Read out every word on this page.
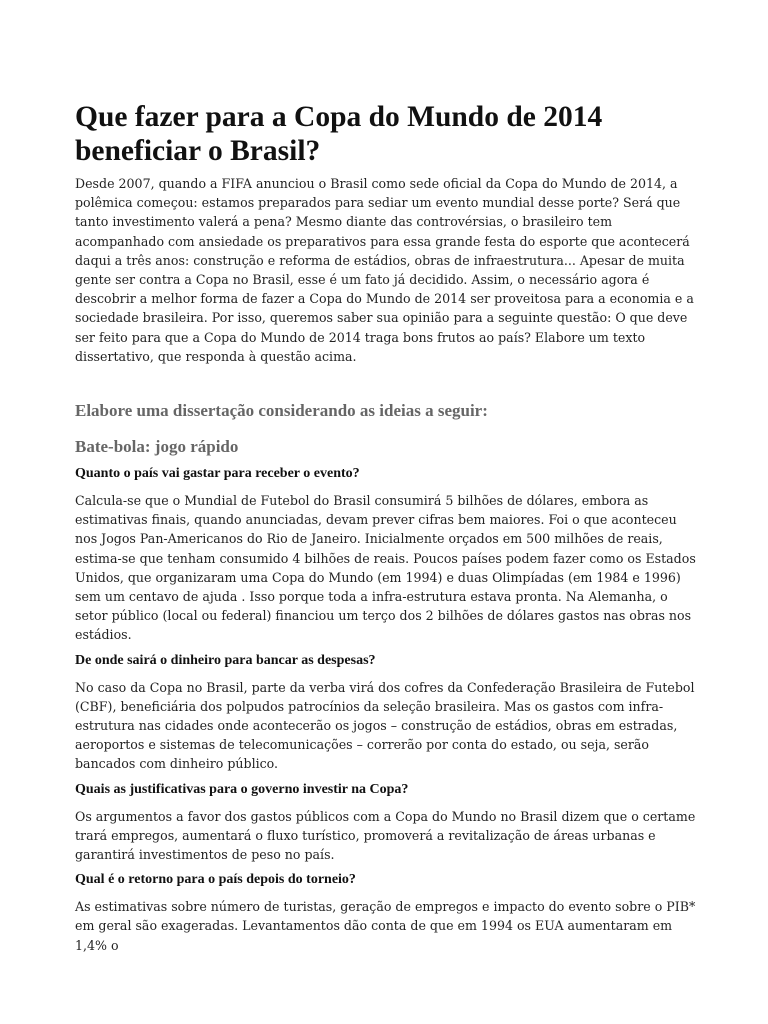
Que fazer para a Copa do Mundo de 2014 beneficiar o Brasil?

Desde 2007, quando a FIFA anunciou o Brasil como sede oficial da Copa do Mundo de 2014, a polêmica começou: estamos preparados para sediar um evento mundial desse porte? Será que tanto investimento valerá a pena? Mesmo diante das controvérsias, o brasileiro tem acompanhado com ansiedade os preparativos para essa grande festa do esporte que acontecerá daqui a três anos: construção e reforma de estádios, obras de infraestrutura... Apesar de muita gente ser contra a Copa no Brasil, esse é um fato já decidido. Assim, o necessário agora é descobrir a melhor forma de fazer a Copa do Mundo de 2014 ser proveitosa para a economia e a sociedade brasileira. Por isso, queremos saber sua opinião para a seguinte questão: O que deve ser feito para que a Copa do Mundo de 2014 traga bons frutos ao país? Elabore um texto dissertativo, que responda à questão acima.

Elabore uma dissertação considerando as ideias a seguir:
Bate-bola: jogo rápido

Quanto o país vai gastar para receber o evento?

Calcula-se que o Mundial de Futebol do Brasil consumirá 5 bilhões de dólares, embora as estimativas finais, quando anunciadas, devam prever cifras bem maiores. Foi o que aconteceu nos Jogos Pan-Americanos do Rio de Janeiro. Inicialmente orçados em 500 milhões de reais, estima-se que tenham consumido 4 bilhões de reais. Poucos países podem fazer como os Estados Unidos, que organizaram uma Copa do Mundo (em 1994) e duas Olimpíadas (em 1984 e 1996) sem um centavo de ajuda . Isso porque toda a infra-estrutura estava pronta. Na Alemanha, o setor público (local ou federal) financiou um terço dos 2 bilhões de dólares gastos nas obras nos estádios.

De onde sairá o dinheiro para bancar as despesas?

No caso da Copa no Brasil, parte da verba virá dos cofres da Confederação Brasileira de Futebol (CBF), beneficiária dos polpudos patrocínios da seleção brasileira. Mas os gastos com infra-estrutura nas cidades onde acontecerão os jogos – construção de estádios, obras em estradas, aeroportos e sistemas de telecomunicações – correrão por conta do estado, ou seja, serão bancados com dinheiro público.

Quais as justificativas para o governo investir na Copa?

Os argumentos a favor dos gastos públicos com a Copa do Mundo no Brasil dizem que o certame trará empregos, aumentará o fluxo turístico, promoverá a revitalização de áreas urbanas e garantirá investimentos de peso no país.

Qual é o retorno para o país depois do torneio?

As estimativas sobre número de turistas, geração de empregos e impacto do evento sobre o PIB* em geral são exageradas. Levantamentos dão conta de que em 1994 os EUA aumentaram em 1,4% o
